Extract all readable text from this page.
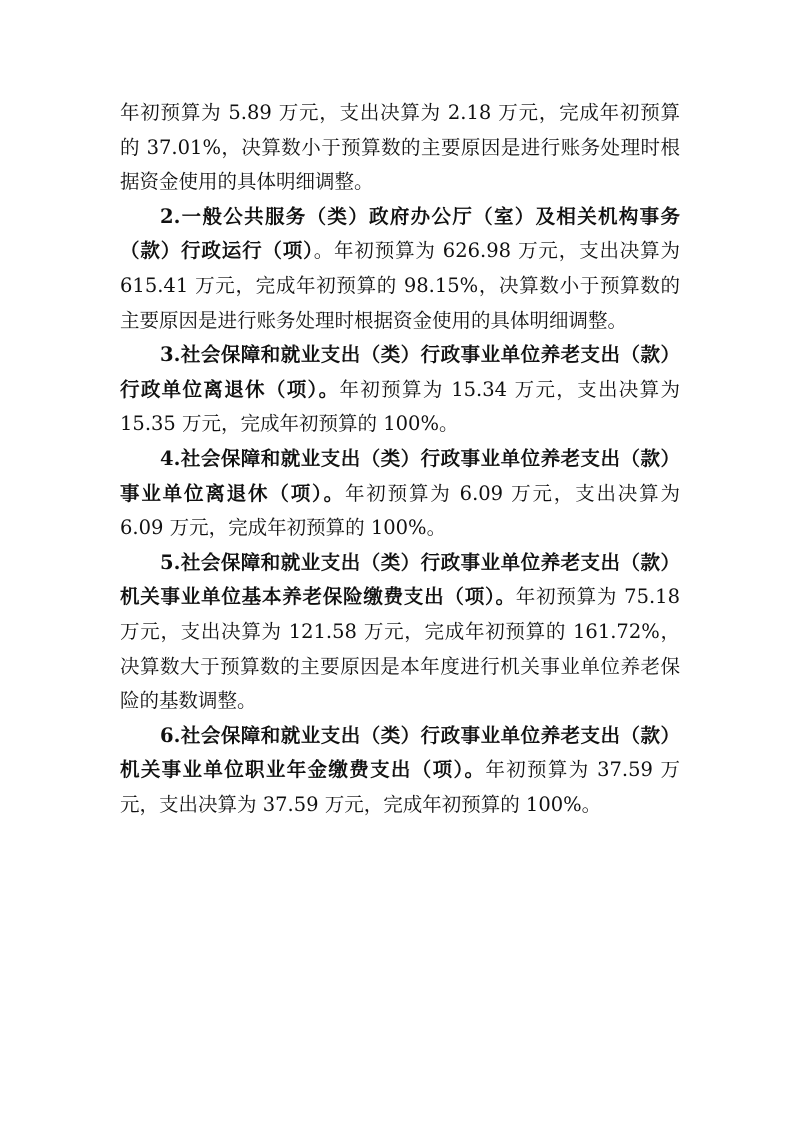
年初预算为 5.89 万元，支出决算为 2.18 万元，完成年初预算的 37.01%，决算数小于预算数的主要原因是进行账务处理时根据资金使用的具体明细调整。

2.一般公共服务（类）政府办公厅（室）及相关机构事务（款）行政运行（项）。年初预算为 626.98 万元，支出决算为 615.41 万元，完成年初预算的 98.15%，决算数小于预算数的主要原因是进行账务处理时根据资金使用的具体明细调整。

3.社会保障和就业支出（类）行政事业单位养老支出（款）行政单位离退休（项）。年初预算为 15.34 万元，支出决算为 15.35 万元，完成年初预算的 100%。

4.社会保障和就业支出（类）行政事业单位养老支出（款）事业单位离退休（项）。年初预算为 6.09 万元，支出决算为 6.09 万元，完成年初预算的 100%。

5.社会保障和就业支出（类）行政事业单位养老支出（款）机关事业单位基本养老保险缴费支出（项）。年初预算为 75.18 万元，支出决算为 121.58 万元，完成年初预算的 161.72%，决算数大于预算数的主要原因是本年度进行机关事业单位养老保险的基数调整。

6.社会保障和就业支出（类）行政事业单位养老支出（款）机关事业单位职业年金缴费支出（项）。年初预算为 37.59 万元，支出决算为 37.59 万元，完成年初预算的 100%。
